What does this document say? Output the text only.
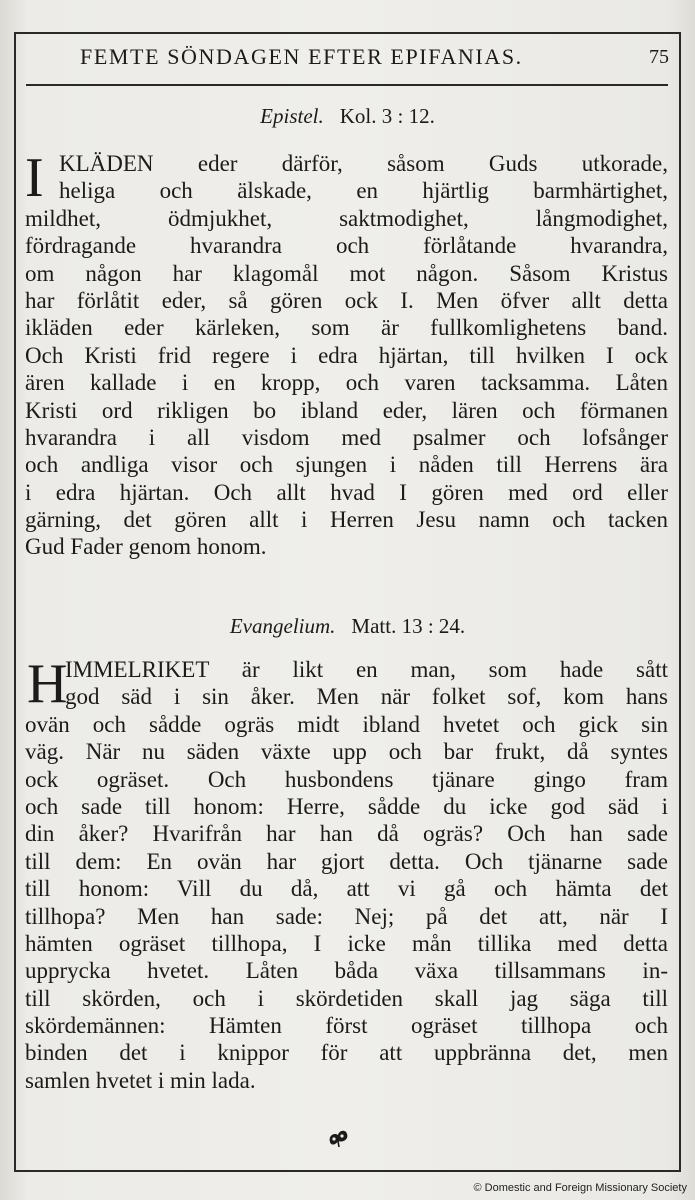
FEMTE SÖNDAGEN EFTER EPIFANIAS.	75
Epistel. Kol. 3 : 12.
I KLÄDEN eder därför, såsom Guds utkorade,
heliga och älskade, en hjärtlig barmhärtighet,
mildhet, ödmjukhet, saktmodighet, långmodighet,
fördragande hvarandra och förlåtande hvarandra,
om någon har klagomål mot någon. Såsom Kristus
har förlåtit eder, så gören ock I. Men öfver allt detta
ikläden eder kärleken, som är fullkomlighetens band.
Och Kristi frid regere i edra hjärtan, till hvilken I ock
ären kallade i en kropp, och varen tacksamma. Låten
Kristi ord rikligen bo ibland eder, lären och förmanen
hvarandra i all visdom med psalmer och lofsånger
och andliga visor och sjungen i nåden till Herrens ära
i edra hjärtan. Och allt hvad I gören med ord eller
gärning, det gören allt i Herren Jesu namn och tacken
Gud Fader genom honom.
Evangelium. Matt. 13 : 24.
H
IMMELRIKET är likt en man, som hade sått
god säd i sin åker. Men när folket sof, kom hans
ovän och sådde ogräs midt ibland hvetet och gick sin
väg. När nu säden växte upp och bar frukt, då syntes
ock ogräset. Och husbondens tjänare gingo fram
och sade till honom: Herre, sådde du icke god säd i
din åker? Hvarifrån har han då ogräs? Och han sade
till dem: En ovän har gjort detta. Och tjänarne sade
till honom: Vill du då, att vi gå och hämta det
tillhopa? Men han sade: Nej; på det att, när I
hämten ogräset tillhopa, I icke mån tillika med detta
upprycka hvetet. Låten båda växa tillsammans in-
till skörden, och i skördetiden skall jag säga till
skördemännen: Hämten först ogräset tillhopa och
binden det i knippor för att uppbränna det, men
samlen hvetet i min lada.
© Domestic and Foreign Missionary Society
